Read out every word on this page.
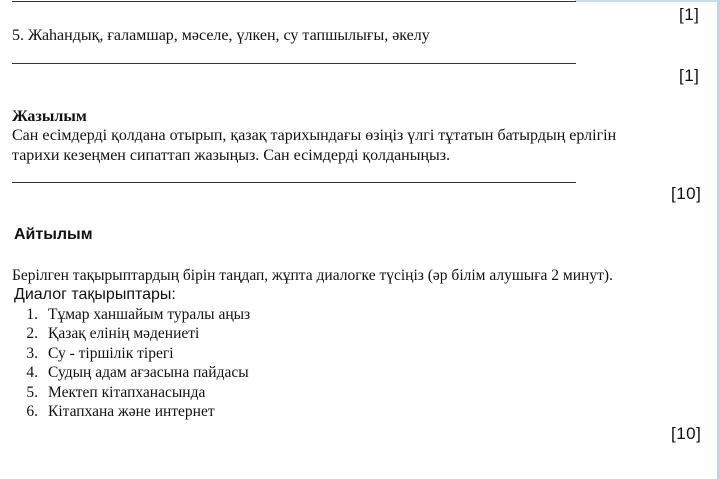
[1]
5. Жаһандық, ғаламшар, мәселе, үлкен, су тапшылығы, әкелу
[1]
Жазылым
Сан есімдерді қолдана отырып, қазақ тарихындағы өзіңіз үлгі тұтатын батырдың ерлігін
тарихи кезеңмен сипаттап жазыңыз. Сан есімдерді қолданыңыз.
[10]
Айтылым
Берілген тақырыптардың бірін таңдап, жұпта диалогке түсіңіз (әр білім алушыға 2 минут).
Диалог тақырыптары:
1. Тұмар ханшайым туралы аңыз
2. Қазақ елінің мәдениеті
3. Су - тіршілік тірегі
4. Судың адам ағзасына пайдасы
5. Мектеп кітапханасында
6. Кітапхана және интернет
[10]
